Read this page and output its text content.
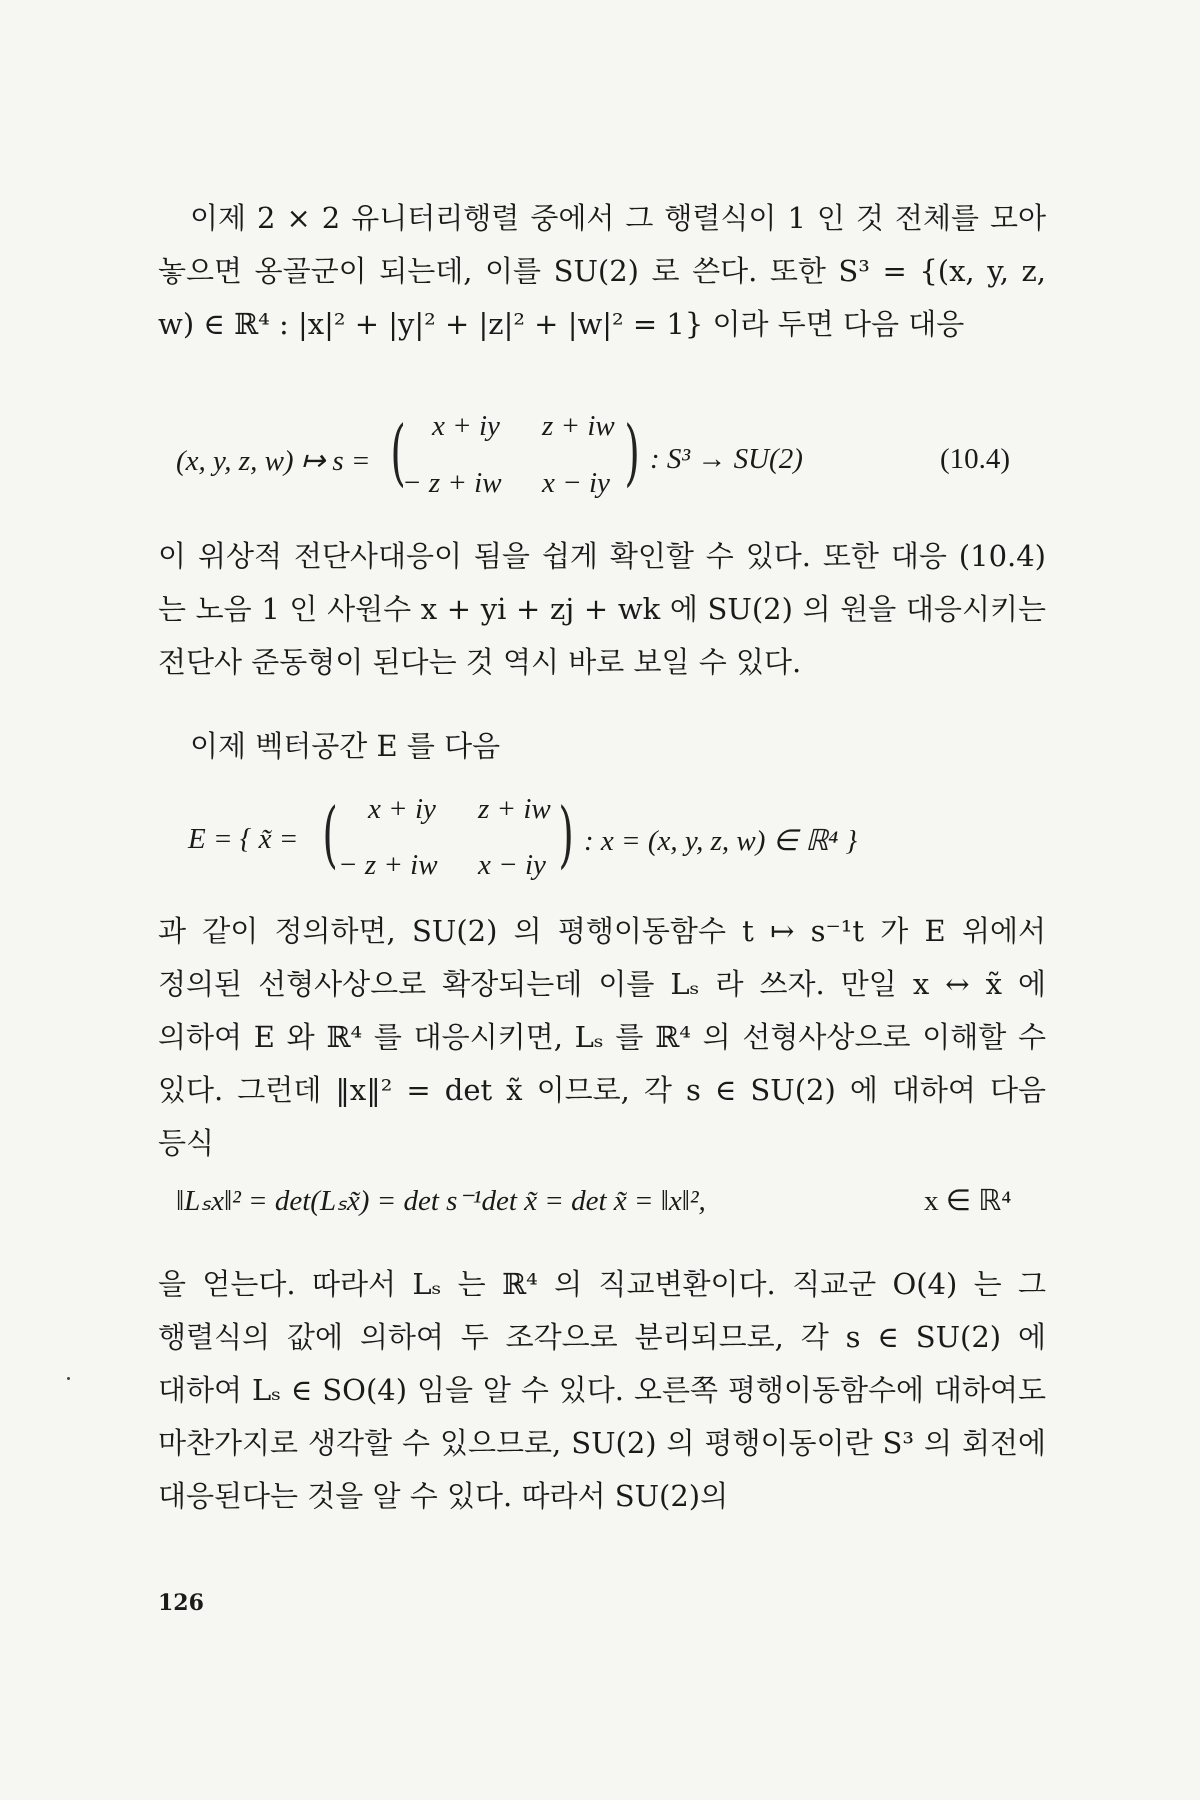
이제 2 × 2 유니터리행렬 중에서 그 행렬식이 1 인 것 전체를 모아 놓으면 옹골군이 되는데, 이를 SU(2) 로 쓴다. 또한 S³ = {(x, y, z, w) ∈ ℝ⁴ : |x|² + |y|² + |z|² + |w|² = 1} 이라 두면 다음 대응
(x, y, z, w) ↦ s = ( x + iy z + iw
− z + iw x − iy ) : S³ → SU(2)	(10.4)
이 위상적 전단사대응이 됨을 쉽게 확인할 수 있다. 또한 대응 (10.4) 는 노음 1 인 사원수 x + yi + zj + wk 에 SU(2) 의 원을 대응시키는 전단사 준동형이 된다는 것 역시 바로 보일 수 있다.
이제 벡터공간 E 를 다음
E = { x̃ = ( x + iy z + iw
− z + iw x − iy ) : x = (x, y, z, w) ∈ ℝ⁴ }
과 같이 정의하면, SU(2) 의 평행이동함수 t ↦ s⁻¹t 가 E 위에서 정의된 선형사상으로 확장되는데 이를 Lₛ 라 쓰자. 만일 x ↔ x̃ 에 의하여 E 와 ℝ⁴ 를 대응시키면, Lₛ 를 ℝ⁴ 의 선형사상으로 이해할 수 있다. 그런데 ‖x‖² = det x̃ 이므로, 각 s ∈ SU(2) 에 대하여 다음 등식
‖Lₛx‖² = det(Lₛx̃) = det s⁻¹det x̃ = det x̃ = ‖x‖²,	x ∈ ℝ⁴
을 얻는다. 따라서 Lₛ 는 ℝ⁴ 의 직교변환이다. 직교군 O(4) 는 그 행렬식의 값에 의하여 두 조각으로 분리되므로, 각 s ∈ SU(2) 에 대하여 Lₛ ∈ SO(4) 임을 알 수 있다. 오른쪽 평행이동함수에 대하여도 마찬가지로 생각할 수 있으므로, SU(2) 의 평행이동이란 S³ 의 회전에 대응된다는 것을 알 수 있다. 따라서 SU(2)의
126
